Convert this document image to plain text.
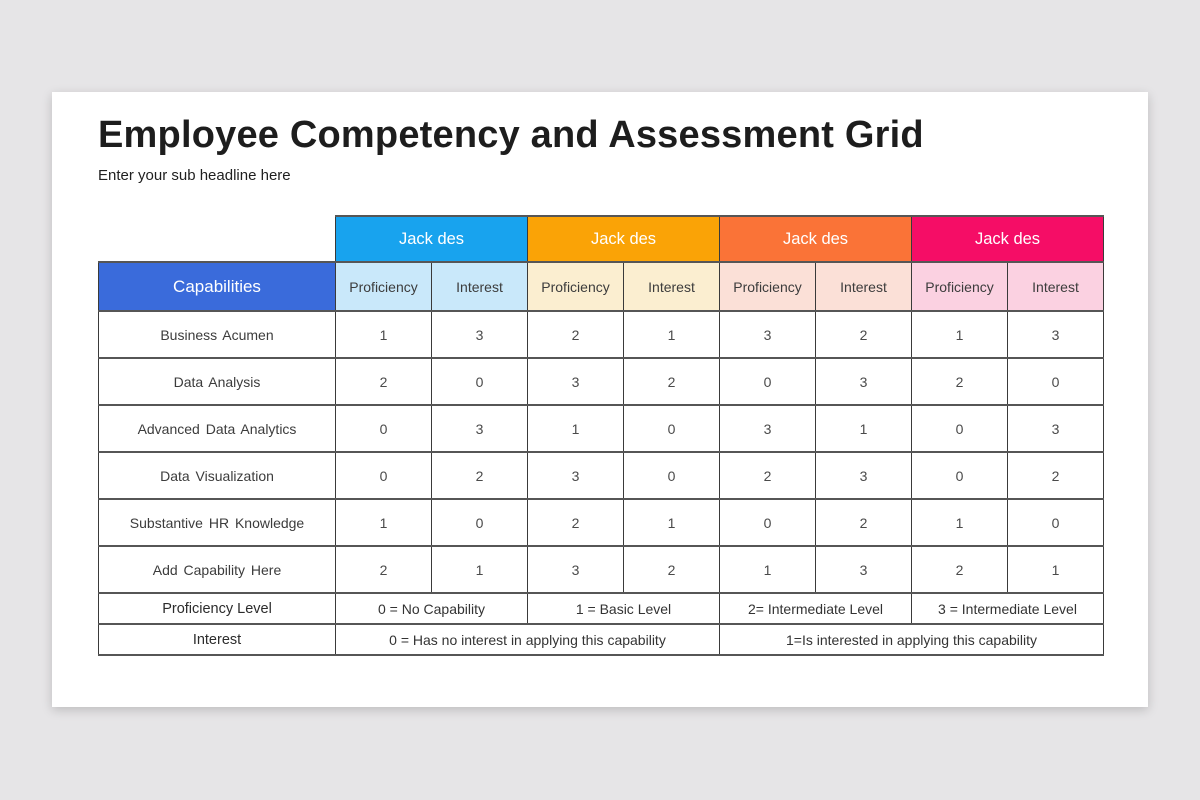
Employee Competency and Assessment Grid
Enter your sub headline here
	Jack des		Jack des		Jack des		Jack des	
Capabilities	Proficiency	Interest	Proficiency	Interest	Proficiency	Interest	Proficiency	Interest
Business Acumen	1	3	2	1	3	2	1	3
Data Analysis	2	0	3	2	0	3	2	0
Advanced Data Analytics	0	3	1	0	3	1	0	3
Data Visualization	0	2	3	0	2	3	0	2
Substantive HR Knowledge	1	0	2	1	0	2	1	0
Add Capability Here	2	1	3	2	1	3	2	1
Proficiency Level	0 = No Capability		1 = Basic Level		2= Intermediate Level		3 = Intermediate Level	
Interest	0 = Has no interest in applying this capability				1=Is interested in applying this capability			
